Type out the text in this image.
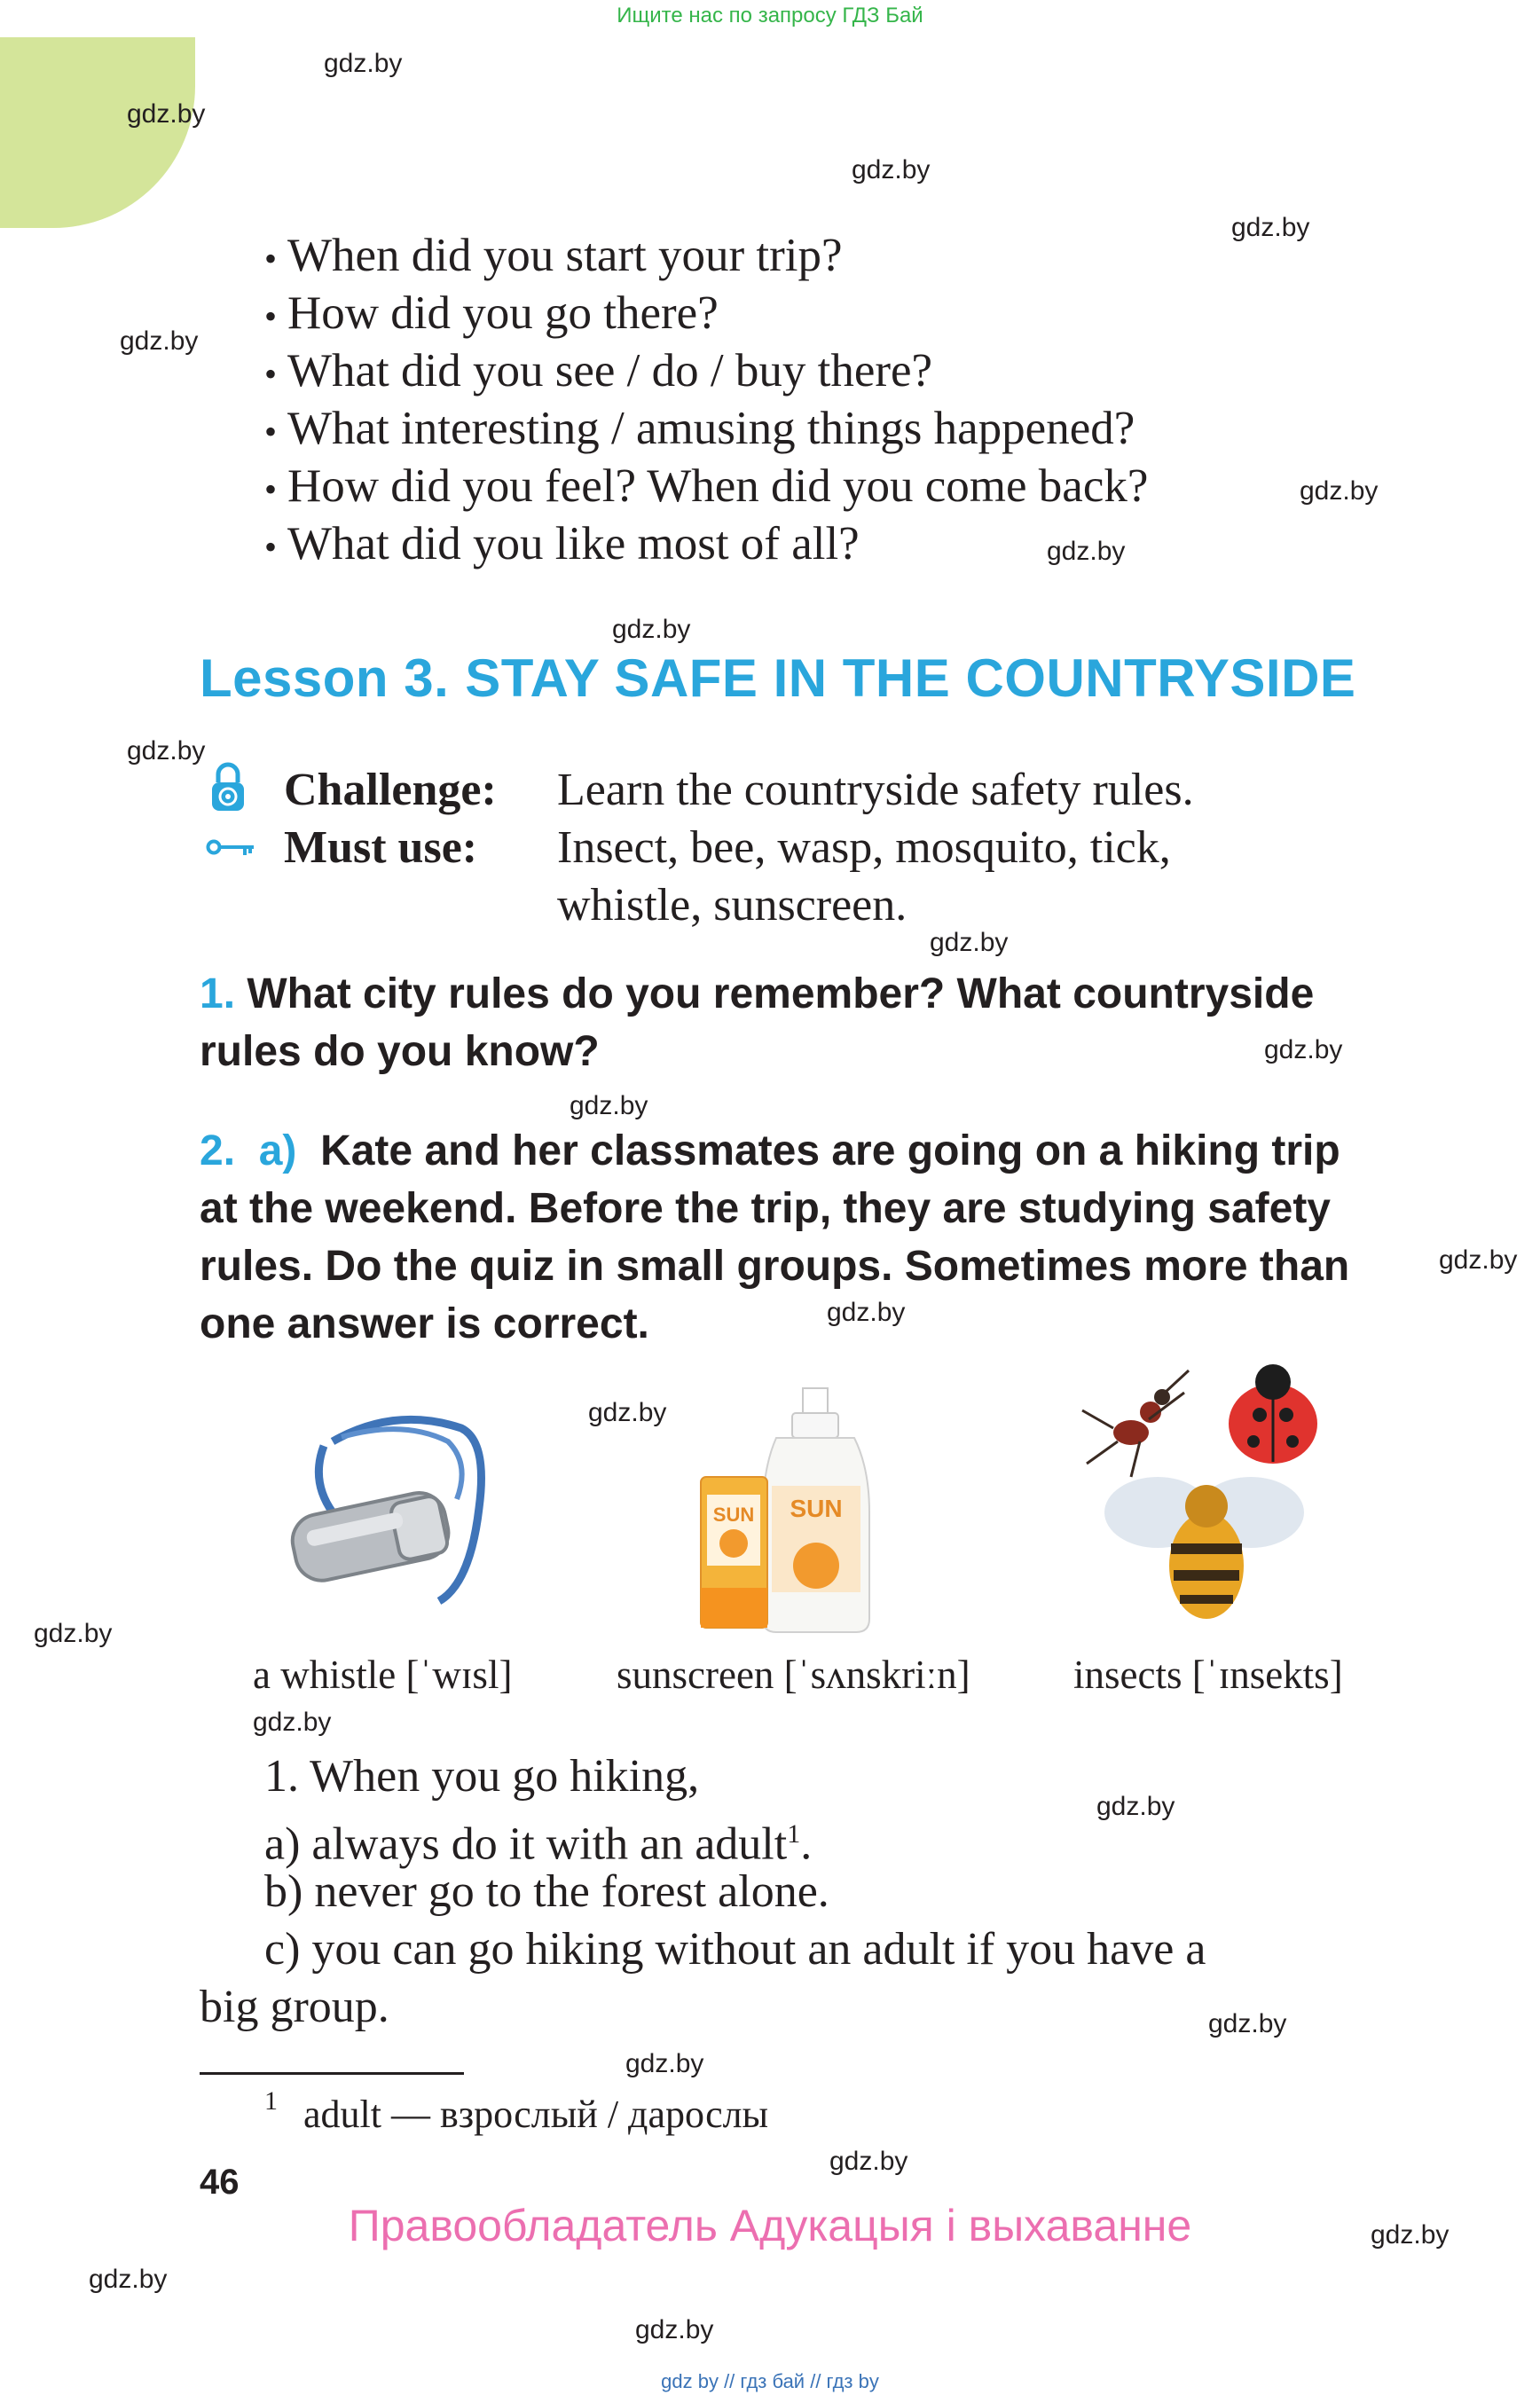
Ищите нас по запросу ГДЗ Бай
gdz.by
gdz.by
gdz.by
gdz.by
gdz.by
gdz.by
gdz.by
gdz.by
gdz.by
gdz.by
gdz.by
gdz.by
gdz.by
gdz.by
gdz.by
gdz.by
gdz.by
gdz.by
gdz.by
gdz.by
gdz.by
gdz.by
gdz.by
gdz.by
• When did you start your trip?
• How did you go there?
• What did you see / do / buy there?
• What interesting / amusing things happened?
• How did you feel? When did you come back?
• What did you like most of all?
Lesson 3. STAY SAFE IN THE COUNTRYSIDE
Challenge: Learn the countryside safety rules.
Must use: Insect, bee, wasp, mosquito, tick,
whistle, sunscreen.
1. What city rules do you remember? What countryside
rules do you know?
2. a) Kate and her classmates are going on a hiking trip
at the weekend. Before the trip, they are studying safety
rules. Do the quiz in small groups. Sometimes more than
one answer is correct.
SUN
SUN
a whistle [ˈwɪsl]	sunscreen [ˈsʌnskriːn]	insects [ˈɪnsekts]
1. When you go hiking,
a) always do it with an adult$^1$.
b) never go to the forest alone.
c) you can go hiking without an adult if you have a
big group.
1 adult — взрослый / дарослы
46
Правообладатель Адукацыя і выхаванне
gdz by // гдз бай // гдз by
